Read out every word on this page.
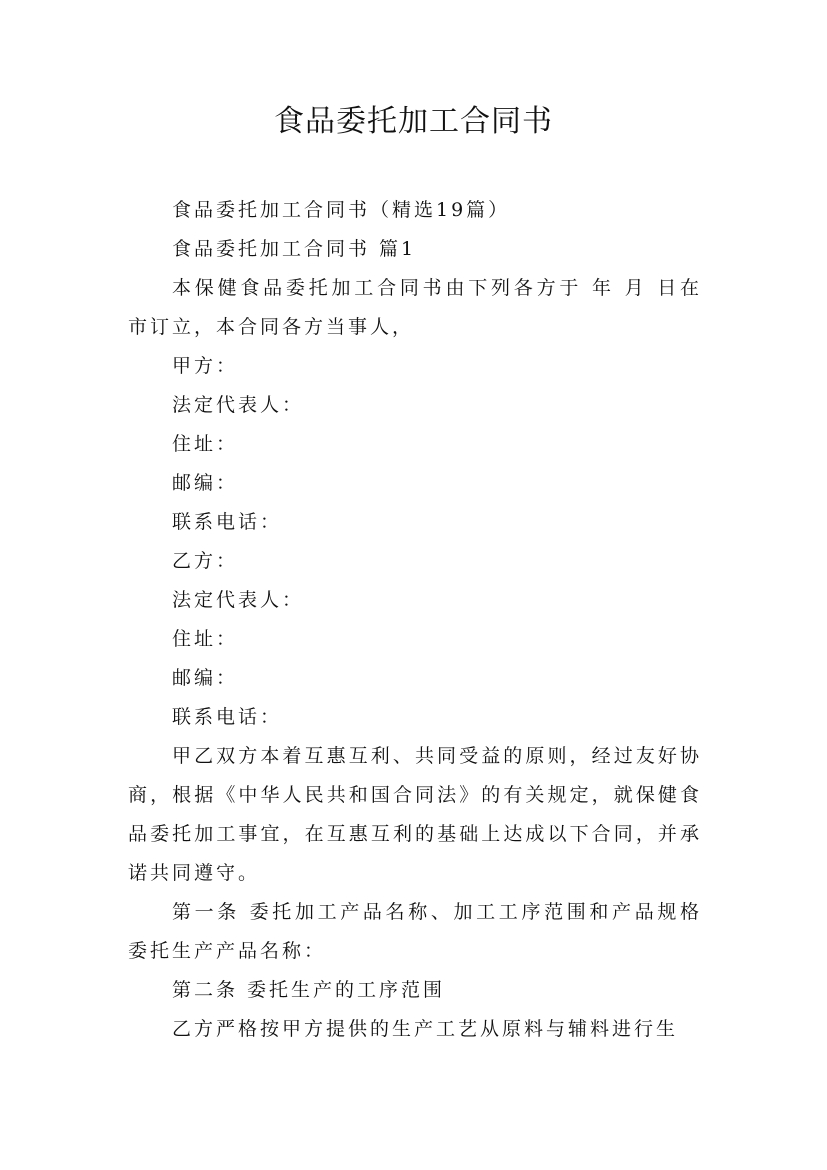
食品委托加工合同书

食品委托加工合同书（精选19篇）

食品委托加工合同书 篇1

本保健食品委托加工合同书由下列各方于 年 月 日在市订立，本合同各方当事人，

甲方：

法定代表人：

住址：

邮编：

联系电话：

乙方：

法定代表人：

住址：

邮编：

联系电话：

甲乙双方本着互惠互利、共同受益的原则，经过友好协商，根据《中华人民共和国合同法》的有关规定，就保健食品委托加工事宜，在互惠互利的基础上达成以下合同，并承诺共同遵守。

第一条 委托加工产品名称、加工工序范围和产品规格委托生产产品名称：

第二条 委托生产的工序范围

乙方严格按甲方提供的生产工艺从原料与辅料进行生
